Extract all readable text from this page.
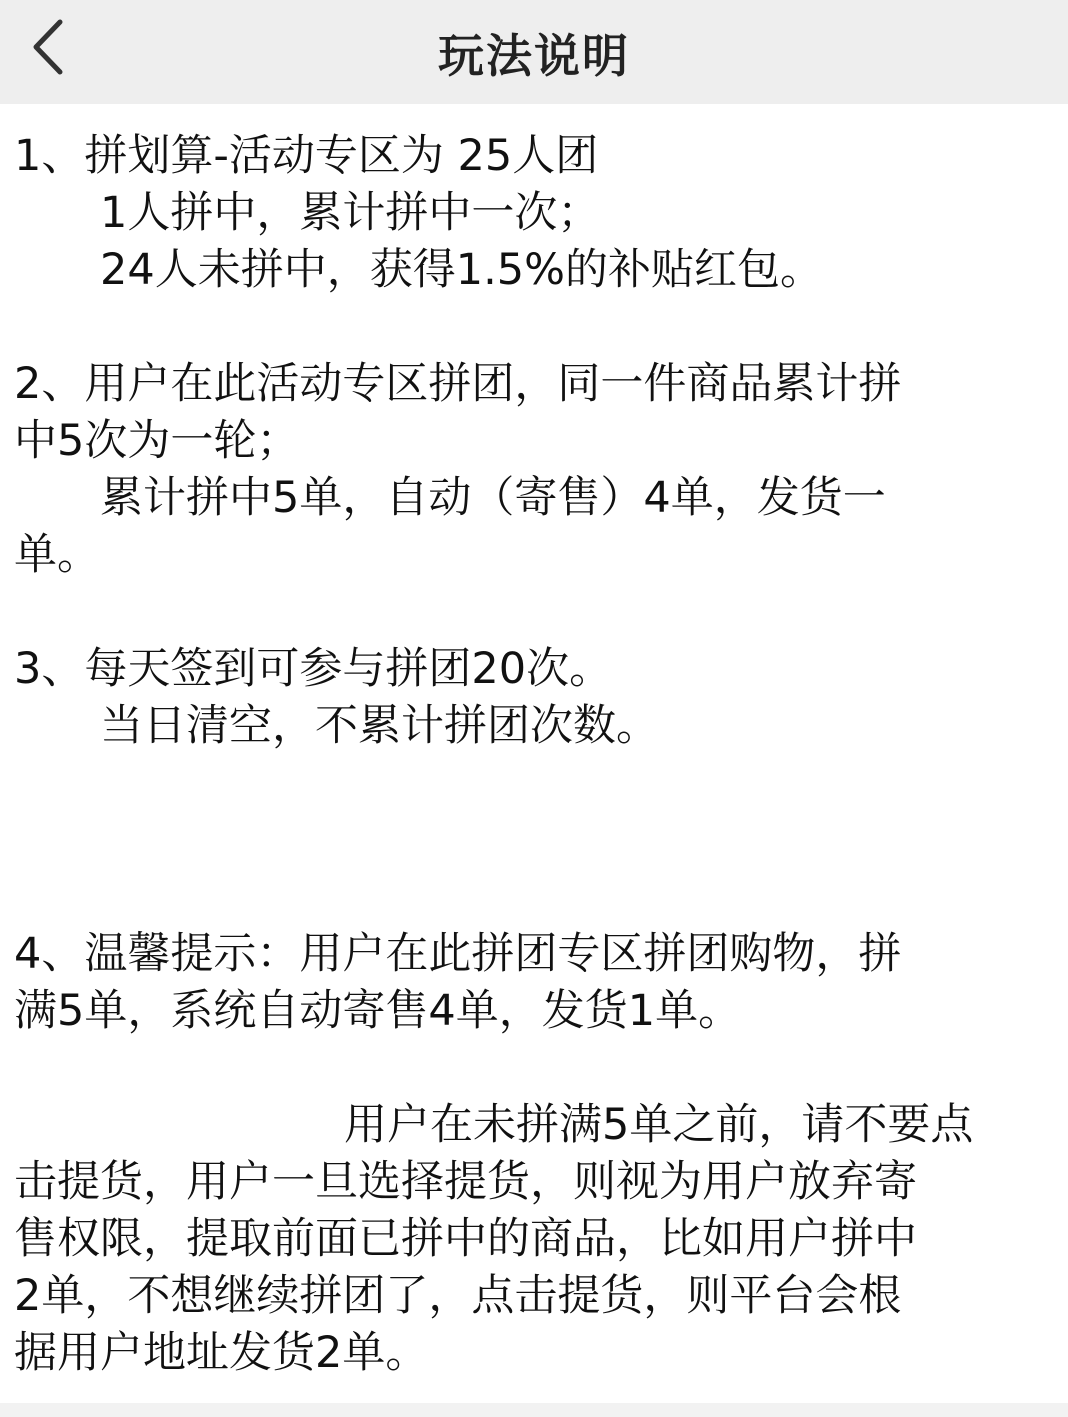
玩法说明
1、拼划算-活动专区为 25人团
1人拼中，累计拼中一次；
24人未拼中，获得1.5%的补贴红包。
2、用户在此活动专区拼团，同一件商品累计拼
中5次为一轮；
累计拼中5单，自动（寄售）4单，发货一
单。
3、每天签到可参与拼团20次。
当日清空，不累计拼团次数。
4、温馨提示：用户在此拼团专区拼团购物，拼
满5单，系统自动寄售4单，发货1单。
用户在未拼满5单之前，请不要点
击提货，用户一旦选择提货，则视为用户放弃寄
售权限，提取前面已拼中的商品，比如用户拼中
2单，不想继续拼团了，点击提货，则平台会根
据用户地址发货2单。
